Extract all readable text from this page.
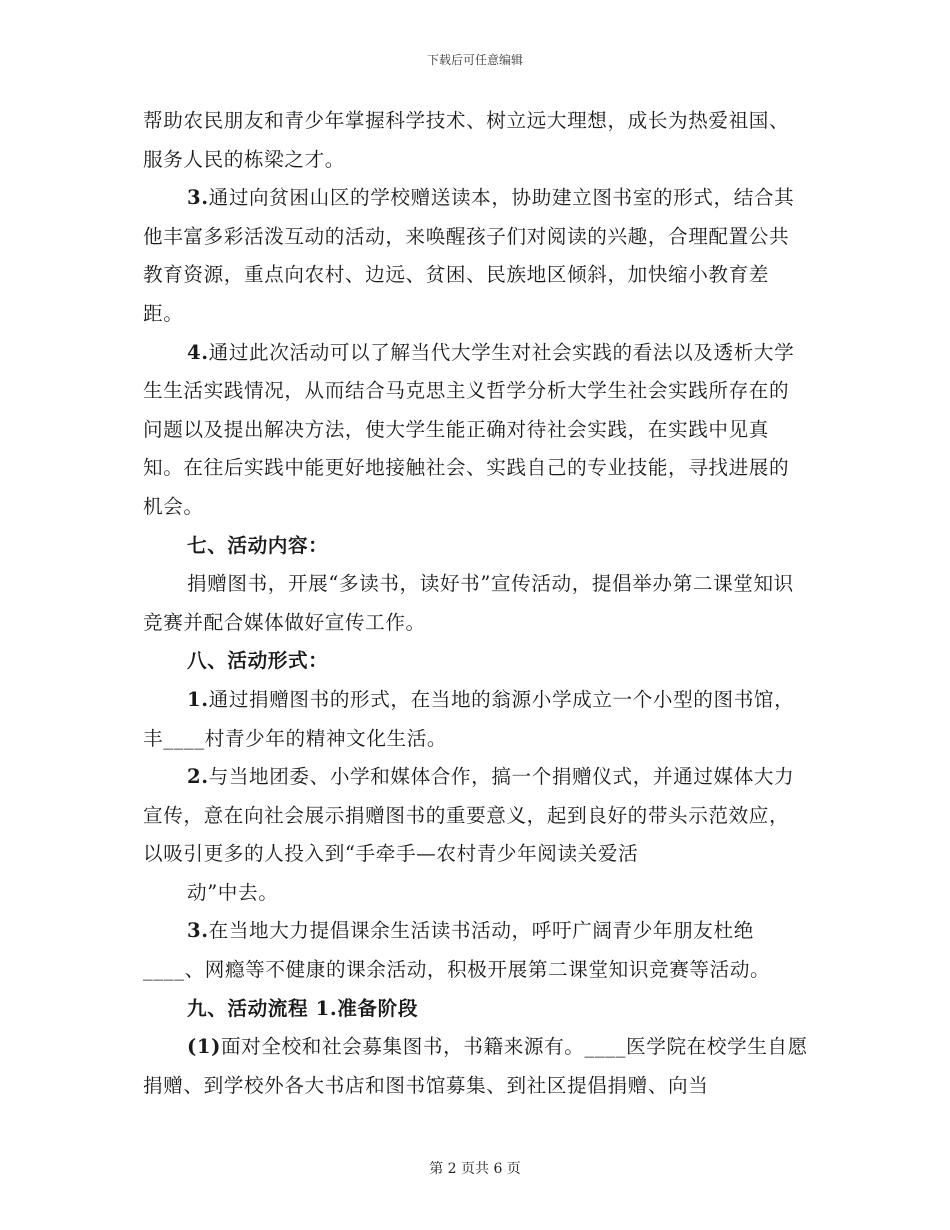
下载后可任意编辑

帮助农民朋友和青少年掌握科学技术、树立远大理想，成长为热爱祖国、服务人民的栋梁之才。

3.通过向贫困山区的学校赠送读本，协助建立图书室的形式，结合其他丰富多彩活泼互动的活动，来唤醒孩子们对阅读的兴趣，合理配置公共教育资源，重点向农村、边远、贫困、民族地区倾斜，加快缩小教育差距。

4.通过此次活动可以了解当代大学生对社会实践的看法以及透析大学生生活实践情况，从而结合马克思主义哲学分析大学生社会实践所存在的问题以及提出解决方法，使大学生能正确对待社会实践，在实践中见真知。在往后实践中能更好地接触社会、实践自己的专业技能，寻找进展的机会。

七、活动内容：

捐赠图书，开展“多读书，读好书”宣传活动，提倡举办第二课堂知识竞赛并配合媒体做好宣传工作。

八、活动形式：

1.通过捐赠图书的形式，在当地的翁源小学成立一个小型的图书馆，丰____村青少年的精神文化生活。

2.与当地团委、小学和媒体合作，搞一个捐赠仪式，并通过媒体大力宣传，意在向社会展示捐赠图书的重要意义，起到良好的带头示范效应，以吸引更多的人投入到“手牵手—农村青少年阅读关爱活

动”中去。

3.在当地大力提倡课余生活读书活动，呼吁广阔青少年朋友杜绝____、网瘾等不健康的课余活动，积极开展第二课堂知识竞赛等活动。

九、活动流程 1.准备阶段

(1)面对全校和社会募集图书，书籍来源有。____医学院在校学生自愿捐赠、到学校外各大书店和图书馆募集、到社区提倡捐赠、向当

第 2 页共 6 页
